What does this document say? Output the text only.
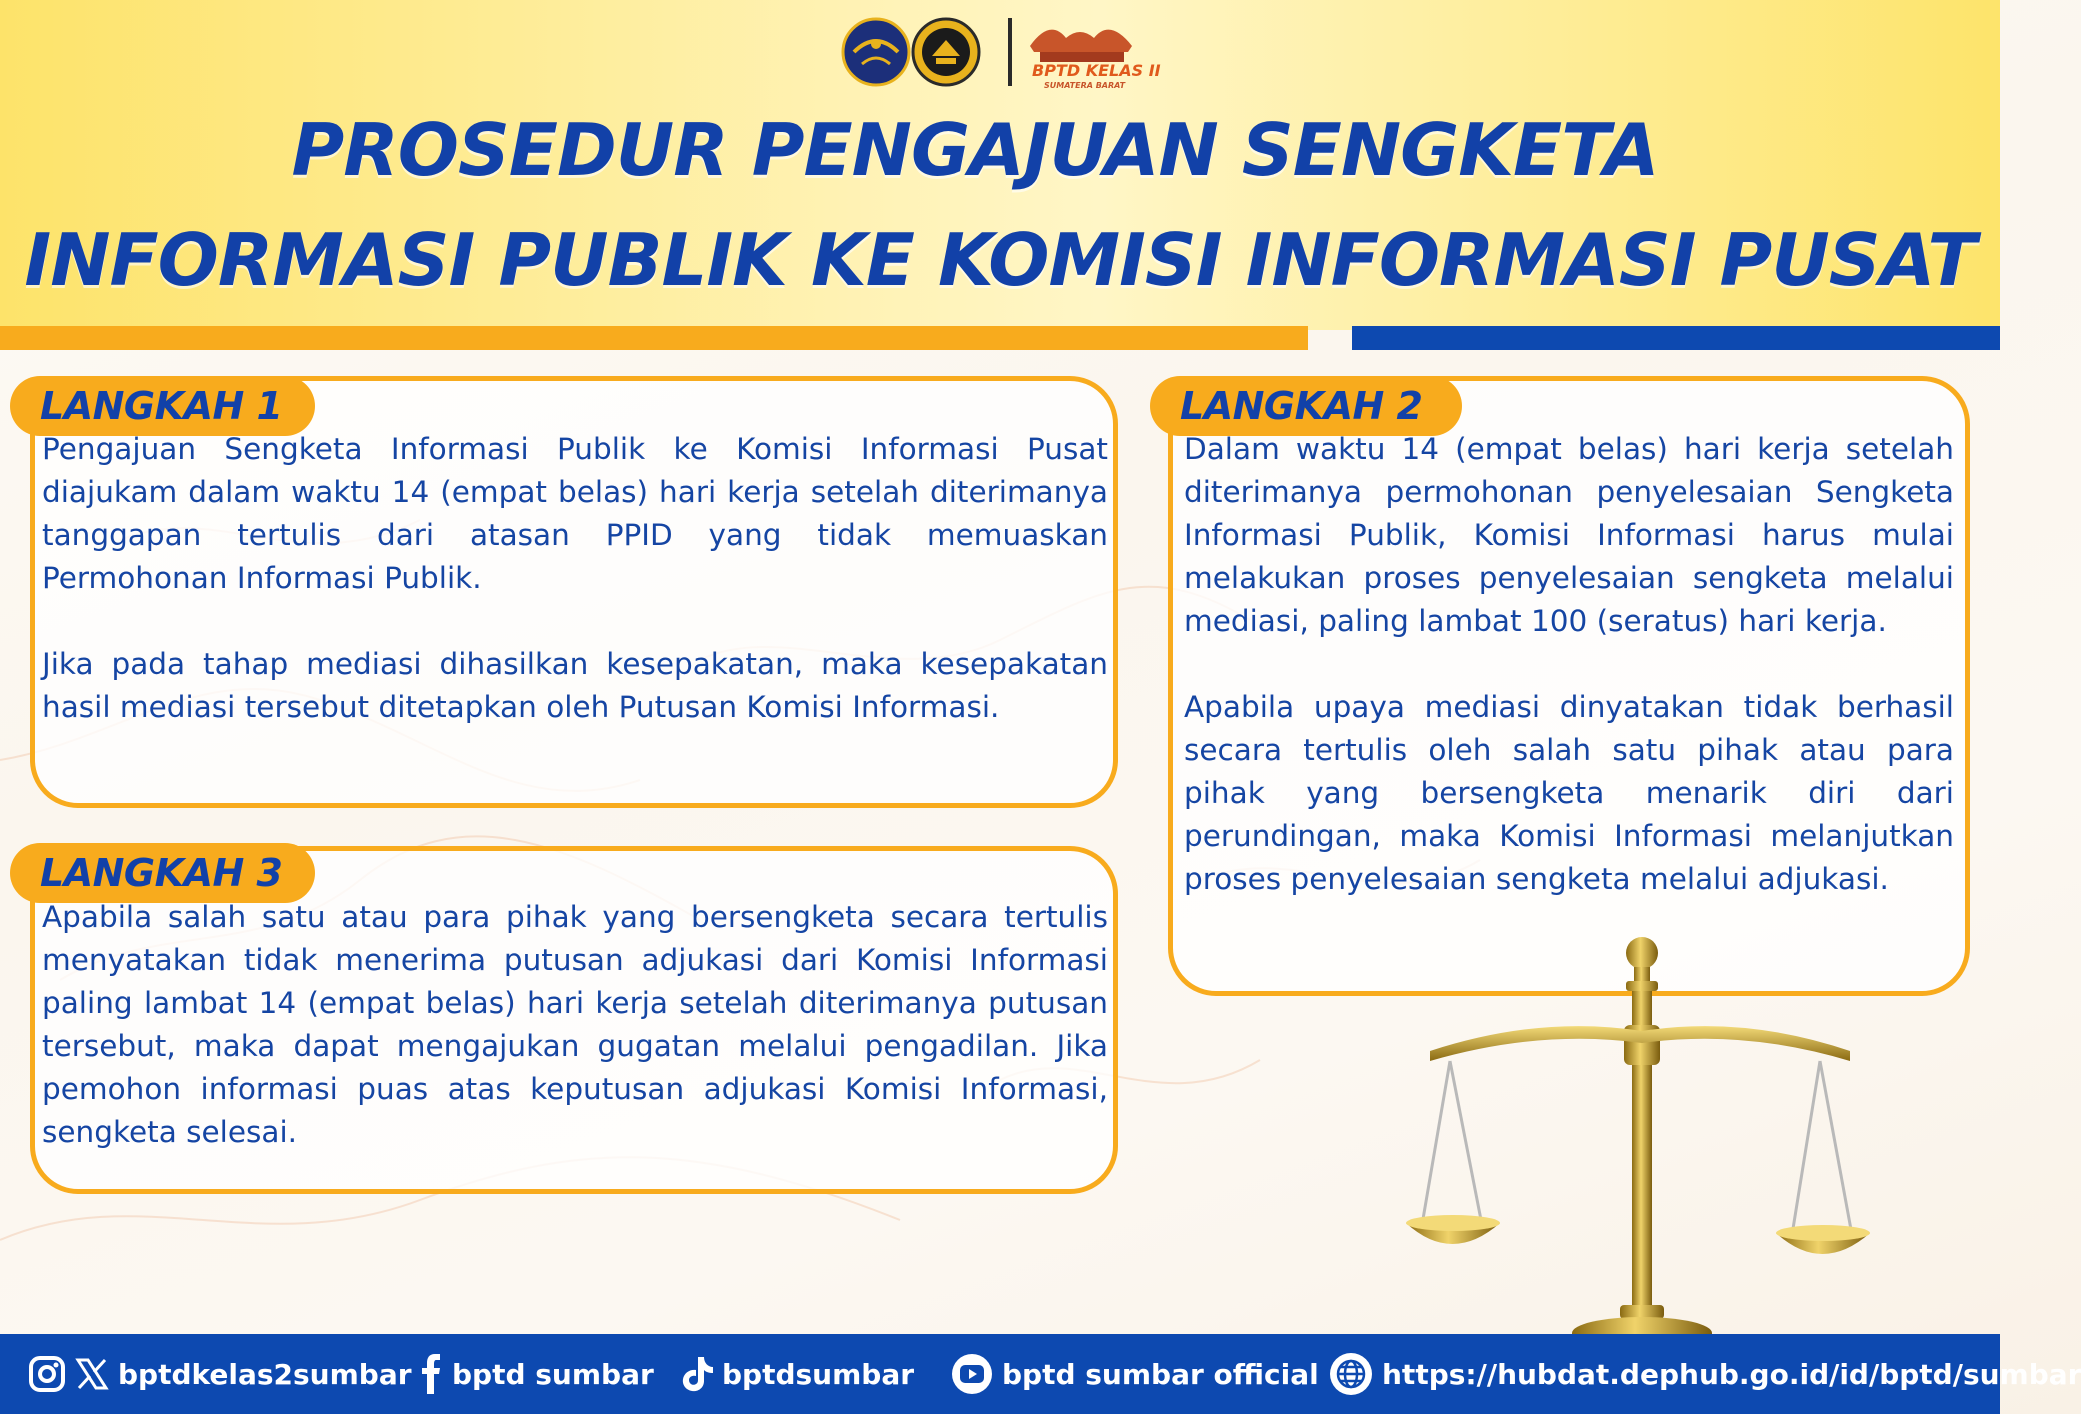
BPTD KELAS II
SUMATERA BARAT
PROSEDUR PENGAJUAN SENGKETA
INFORMASI PUBLIK KE KOMISI INFORMASI PUSAT
LANGKAH 1	LANGKAH 2
LANGKAH 3

Pengajuan Sengketa Informasi Publik ke Komisi Informasi Pusat diajukam dalam waktu 14 (empat belas) hari kerja setelah diterimanya tanggapan tertulis dari atasan PPID yang tidak memuaskan Permohonan Informasi Publik.

Jika pada tahap mediasi dihasilkan kesepakatan, maka kesepakatan hasil mediasi tersebut ditetapkan oleh Putusan Komisi Informasi.

Dalam waktu 14 (empat belas) hari kerja setelah diterimanya permohonan penyelesaian Sengketa Informasi Publik, Komisi Informasi harus mulai melakukan proses penyelesaian sengketa melalui mediasi, paling lambat 100 (seratus) hari kerja.

Apabila upaya mediasi dinyatakan tidak berhasil secara tertulis oleh salah satu pihak atau para pihak yang bersengketa menarik diri dari perundingan, maka Komisi Informasi melanjutkan proses penyelesaian sengketa melalui adjukasi.

Apabila salah satu atau para pihak yang bersengketa secara tertulis menyatakan tidak menerima putusan adjukasi dari Komisi Informasi paling lambat 14 (empat belas) hari kerja setelah diterimanya putusan tersebut, maka dapat mengajukan gugatan melalui pengadilan. Jika pemohon informasi puas atas keputusan adjukasi Komisi Informasi, sengketa selesai.

bptdkelas2sumbar bptd sumbar bptdsumbar	bptd sumbar official https://hubdat.dephub.go.id/id/bptd/sumbar
